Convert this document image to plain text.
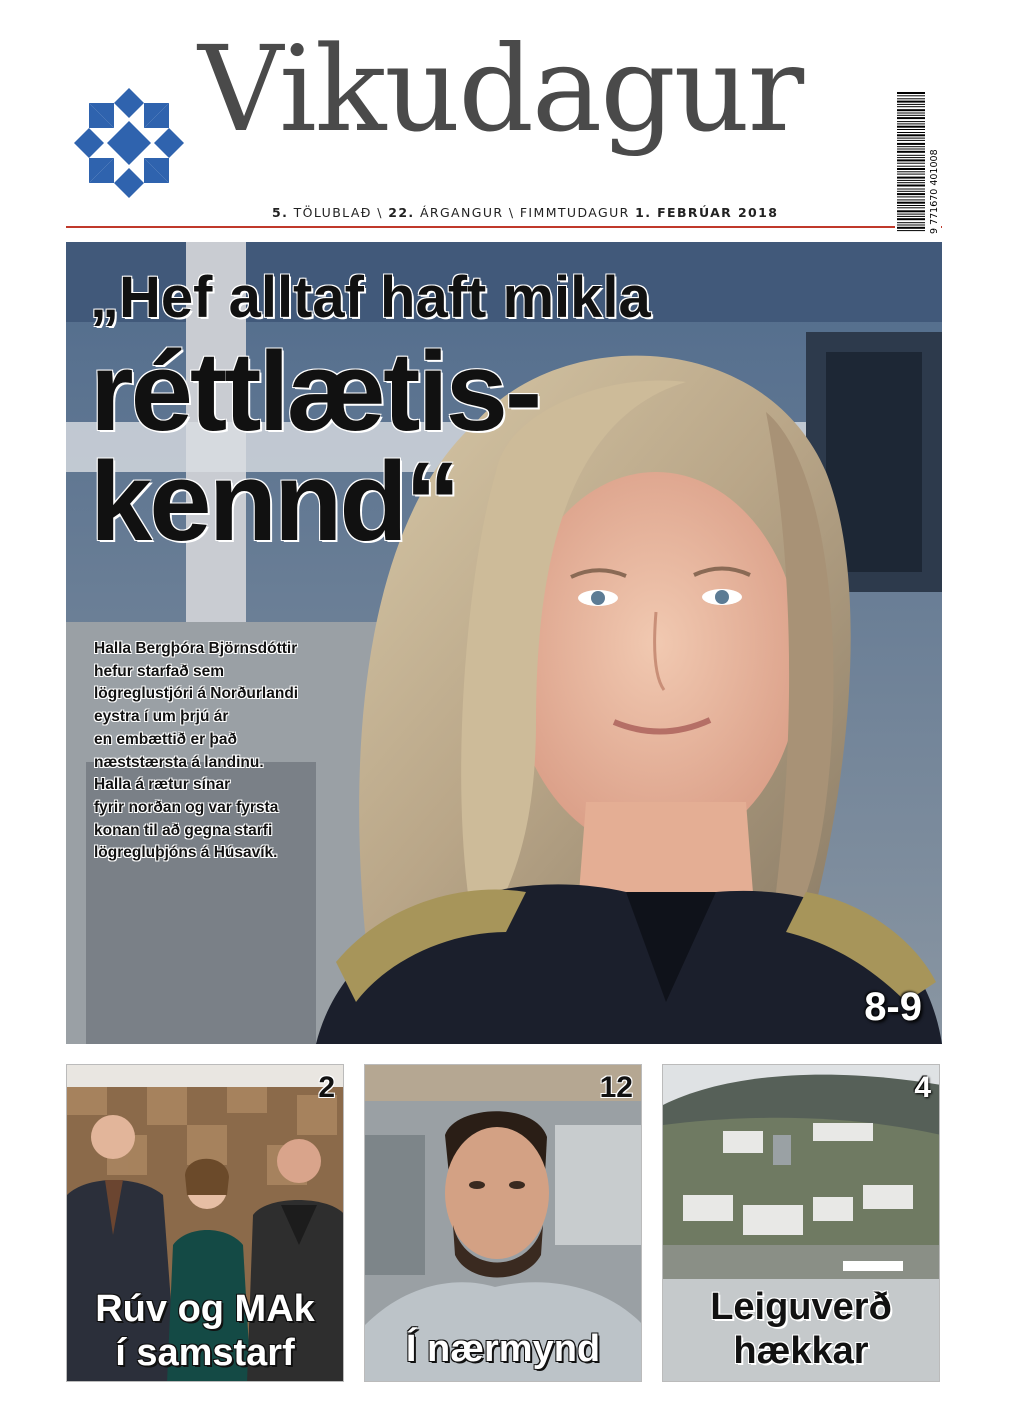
Vikudagur
5. TÖLUBLAÐ \ 22. ÁRGANGUR \ FIMMTUDAGUR 1. FEBRÚAR 2018	9 771670 401008
„Hef alltaf haft mikla
réttlætis-
kennd“
Halla Bergþóra Björnsdóttir
hefur starfað sem
lögreglustjóri á Norðurlandi
eystra í um þrjú ár
en embættið er það
næststærsta á landinu.
Halla á rætur sínar
fyrir norðan og var fyrsta
konan til að gegna starfi
lögregluþjóns á Húsavík.
8-9
2
Rúv og MAk
í samstarf
12
Í nærmynd
4
Leiguverð
hækkar
